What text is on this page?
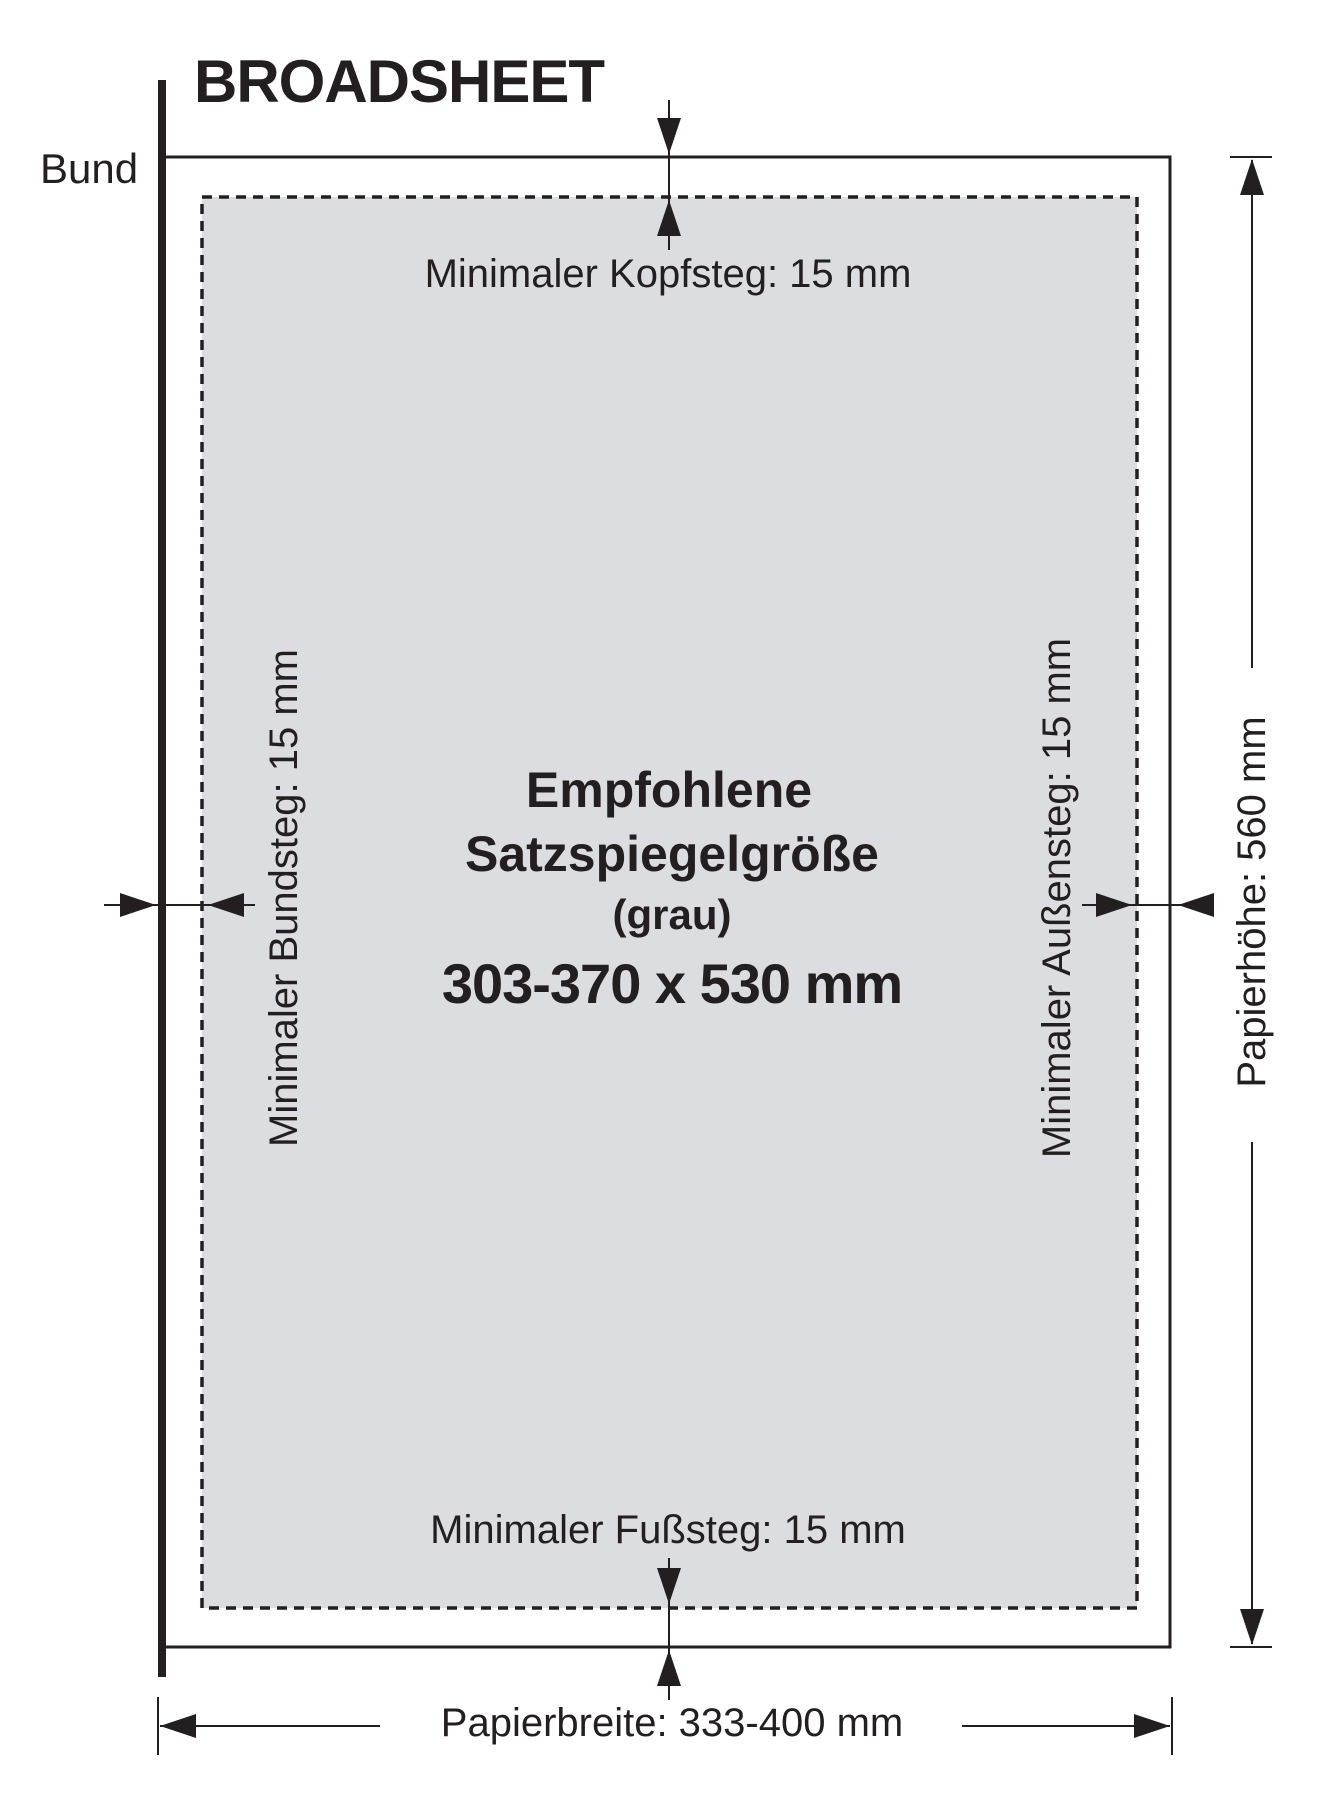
BROADSHEET
Bund
Minimaler Kopfsteg: 15 mm
Minimaler Fußsteg: 15 mm
Papierbreite: 333-400 mm
Minimaler Bundsteg: 15 mm	Minimaler Außensteg: 15 mm	Papierhöhe: 560 mm
Empfohlene
Satzspiegelgröße
(grau)
303-370 x 530 mm
